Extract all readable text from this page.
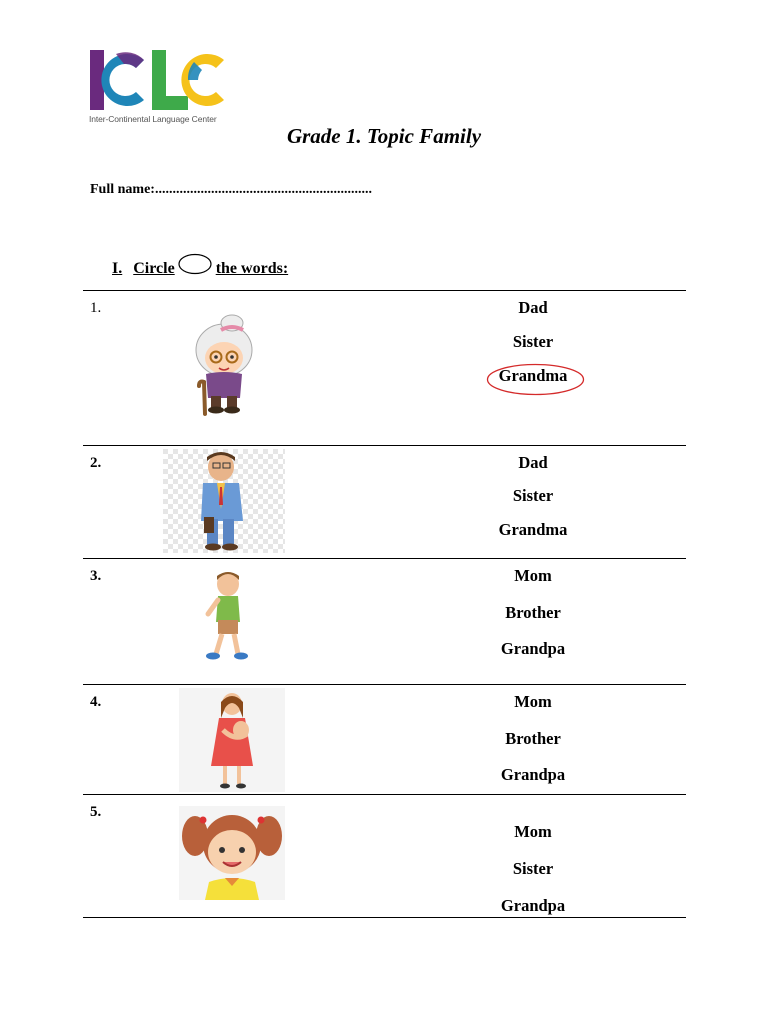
Inter-Continental Language Center
Grade 1. Topic Family
Full name:..............................................................
I. Circle	the words:
1.	Dad
Sister
Grandma
2.	Dad
Sister
Grandma
3.	Mom
Brother
Grandpa
4.	Mom
Brother
Grandpa
5.
Mom
Sister
Grandpa
